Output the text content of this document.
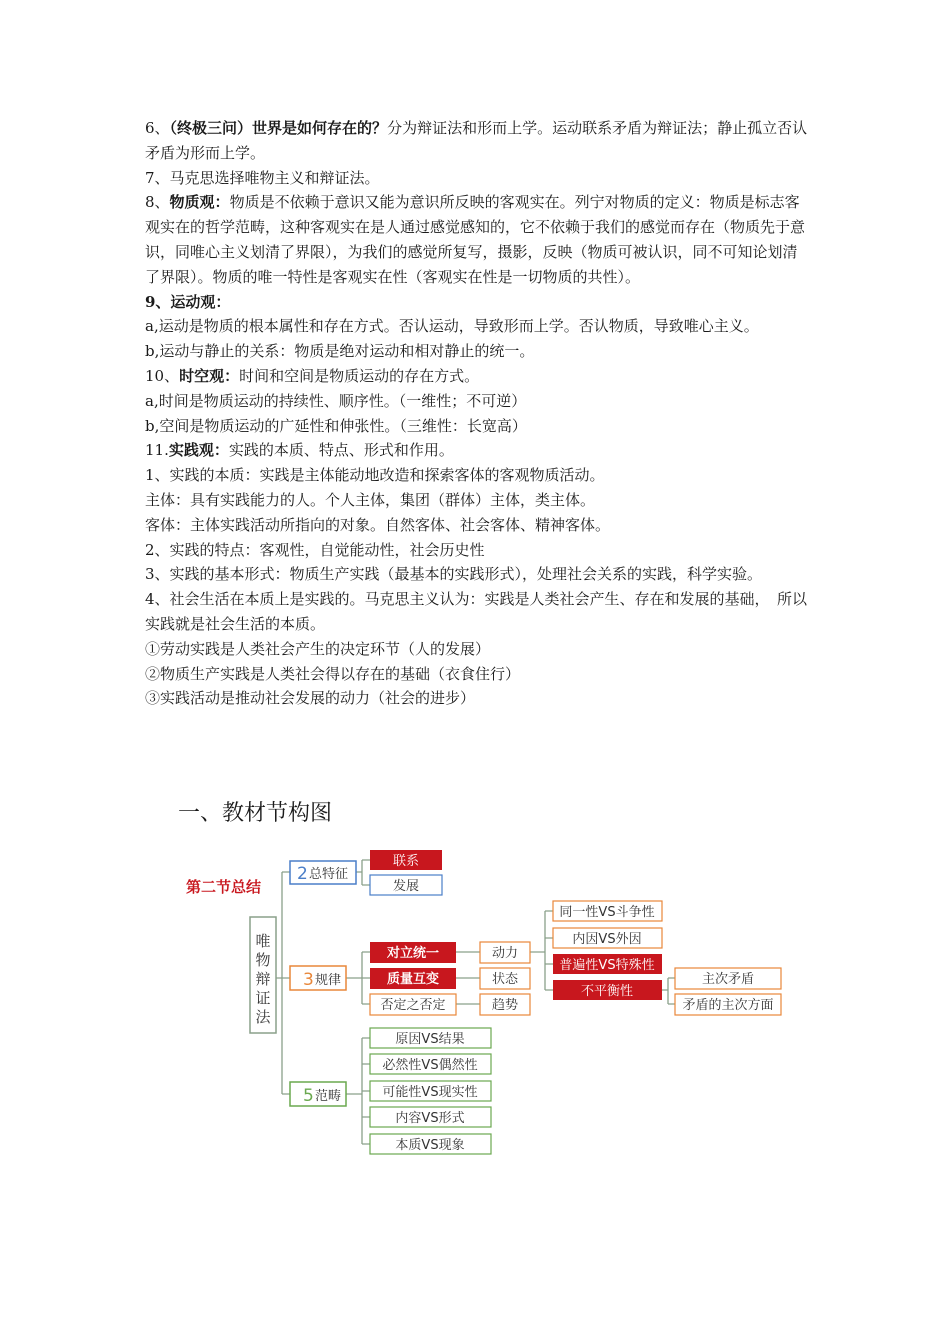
6、（终极三问）世界是如何存在的？分为辩证法和形而上学。运动联系矛盾为辩证法；静止孤立否认矛盾为形而上学。

7、马克思选择唯物主义和辩证法。

8、物质观：物质是不依赖于意识又能为意识所反映的客观实在。列宁对物质的定义：物质是标志客观实在的哲学范畴，这种客观实在是人通过感觉感知的，它不依赖于我们的感觉而存在（物质先于意识，同唯心主义划清了界限），为我们的感觉所复写，摄影，反映（物质可被认识，同不可知论划清了界限）。物质的唯一特性是客观实在性（客观实在性是一切物质的共性）。

9、运动观：

a,运动是物质的根本属性和存在方式。否认运动，导致形而上学。否认物质，导致唯心主义。

b,运动与静止的关系：物质是绝对运动和相对静止的统一。

10、时空观：时间和空间是物质运动的存在方式。

a,时间是物质运动的持续性、顺序性。（一维性；不可逆）

b,空间是物质运动的广延性和伸张性。（三维性：长宽高）

11.实践观：实践的本质、特点、形式和作用。

1、实践的本质：实践是主体能动地改造和探索客体的客观物质活动。

主体：具有实践能力的人。个人主体，集团（群体）主体，类主体。

客体：主体实践活动所指向的对象。自然客体、社会客体、精神客体。

2、实践的特点：客观性，自觉能动性，社会历史性

3、实践的基本形式：物质生产实践（最基本的实践形式），处理社会关系的实践，科学实验。

4、社会生活在本质上是实践的。马克思主义认为：实践是人类社会产生、存在和发展的基础，　所以实践就是社会生活的本质。

①劳动实践是人类社会产生的决定环节（人的发展）

②物质生产实践是人类社会得以存在的基础（衣食住行）

③实践活动是推动社会发展的动力（社会的进步）

一、教材节构图
第二节总结
唯
物
辩
证
法
2 总特征
联系
发展
3 规律
对立统一
质量互变
否定之否定
动力
状态
趋势
同一性VS斗争性
内因VS外因
普遍性VS特殊性
不平衡性
主次矛盾
矛盾的主次方面
5 范畴
原因VS结果
必然性VS偶然性
可能性VS现实性
内容VS形式
本质VS现象
